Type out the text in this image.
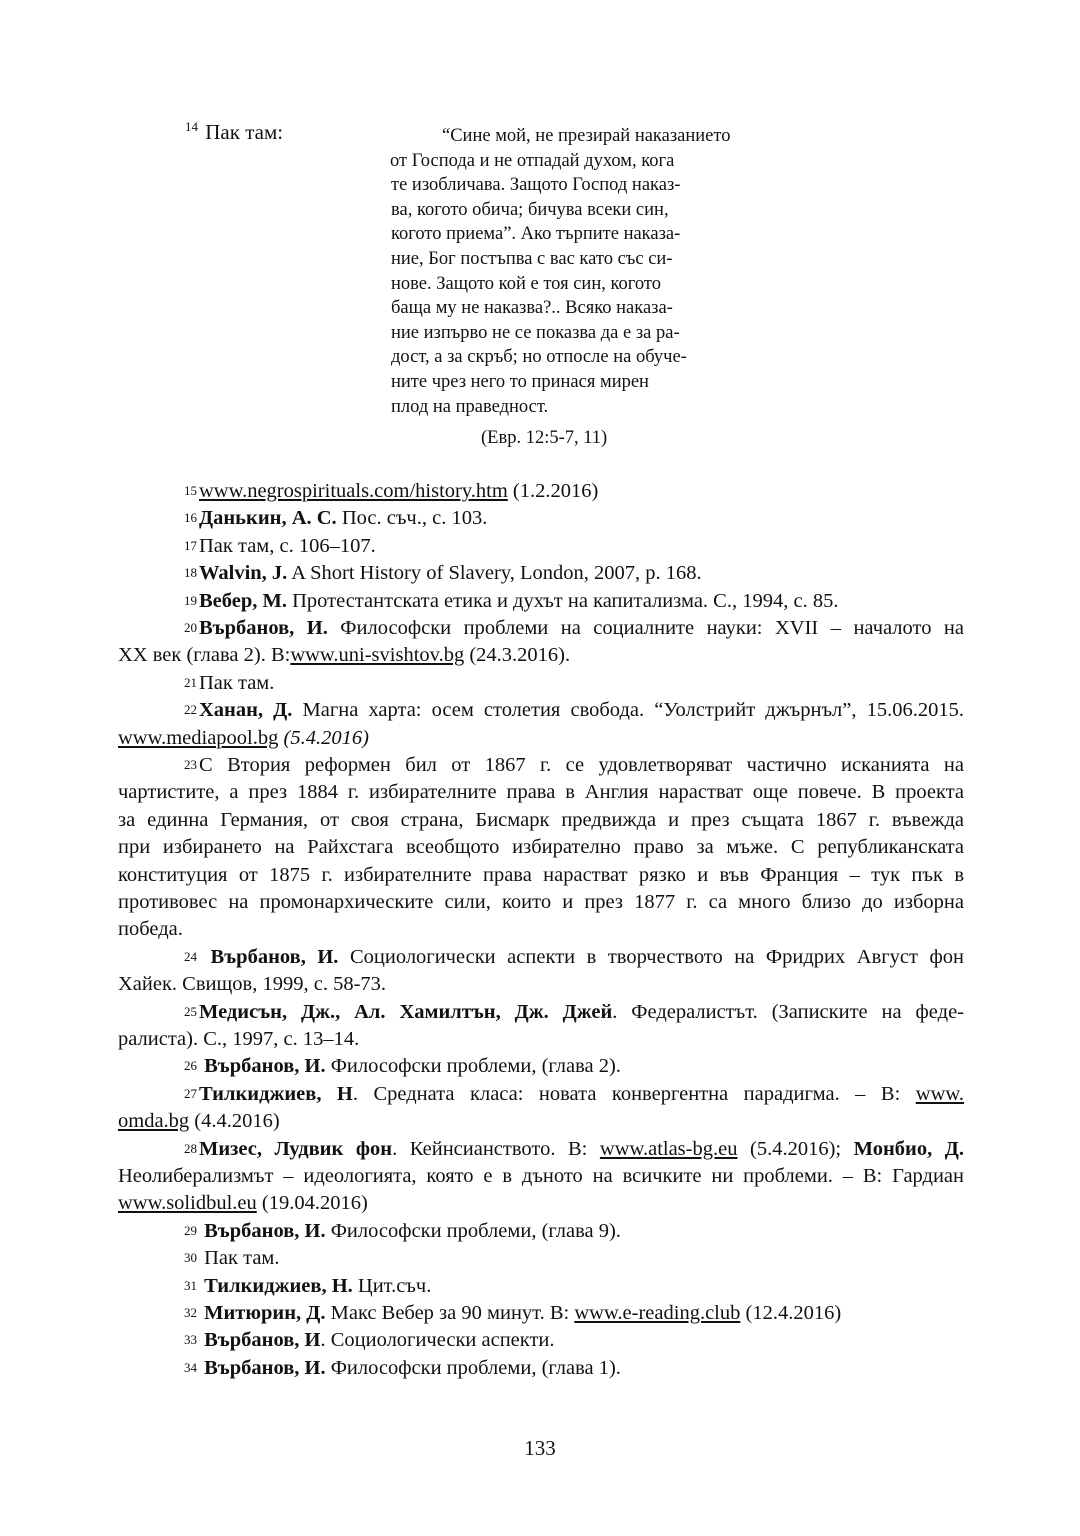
$^{14}$ Пак там:	“Сине мой, не презирай наказанието
от Господа и не отпадай духом, кога
те изобличава. Защото Господ наказ-
ва, когото обича; бичува всеки син,
когото приема”. Ако търпите наказа-
ние, Бог постъпва с вас като със си-
нове. Защото кой е тоя син, когото
баща му не наказва?.. Всяко наказа-
ние изпърво не се показва да е за ра-
дост, а за скръб; но отпосле на обуче-
ните чрез него то принася мирен
плод на праведност.
(Евр. 12:5-7, 11)
$^{15}$www.negrospirituals.com/history.htm (1.2.2016)
$^{16}$Данькин, А. С. Пос. съч., с. 103.
$^{17}$Пак там, с. 106–107.
$^{18}$Walvin, J. A Short History of Slavery, London, 2007, p. 168.
$^{19}$Вебер, М. Протестантската етика и духът на капитализма. С., 1994, с. 85.
$^{20}$Върбанов, И. Философски проблеми на социалните науки: XVII – началото на
XX век (глава 2). В:www.uni-svishtov.bg (24.3.2016).
$^{21}$Пак там.
$^{22}$Ханан, Д. Магна харта: осем столетия свобода. “Уолстрийт джърнъл”, 15.06.2015.
www.mediapool.bg (5.4.2016)
$^{23}$С Втория реформен бил от 1867 г. се удовлетворяват частично исканията на
чартистите, а през 1884 г. избирателните права в Англия нарастват още повече. В проекта
за единна Германия, от своя страна, Бисмарк предвижда и през същата 1867 г. въвежда
при избирането на Райхстага всеобщото избирателно право за мъже. С републиканската
конституция от 1875 г. избирателните права нарастват рязко и във Франция – тук пък в
противовес на промонархическите сили, които и през 1877 г. са много близо до изборна
победа.
$^{24}$ Върбанов, И. Социологически аспекти в творчеството на Фридрих Август фон
Хайек. Свищов, 1999, с. 58-73.
$^{25}$Медисън, Дж., Ал. Хамилтън, Дж. Джей. Федералистът. (Записките на феде-
ралиста). С., 1997, с. 13–14.
$^{26}$ Върбанов, И. Философски проблеми, (глава 2).
$^{27}$Тилкиджиев, Н. Средната класа: новата конвергентна парадигма. – В: www.
omda.bg (4.4.2016)
$^{28}$Мизес, Лудвик фон. Кейнсианството. В: www.atlas-bg.eu (5.4.2016); Монбио, Д.
Неолиберализмът – идеологията, която е в дъното на всичките ни проблеми. – В: Гардиан
www.solidbul.eu (19.04.2016)
$^{29}$ Върбанов, И. Философски проблеми, (глава 9).
$^{30}$ Пак там.
$^{31}$ Тилкиджиев, Н. Цит.съч.
$^{32}$ Митюрин, Д. Макс Вебер за 90 минут. В: www.e-reading.club (12.4.2016)
$^{33}$ Върбанов, И. Социологически аспекти.
$^{34}$ Върбанов, И. Философски проблеми, (глава 1).
133
